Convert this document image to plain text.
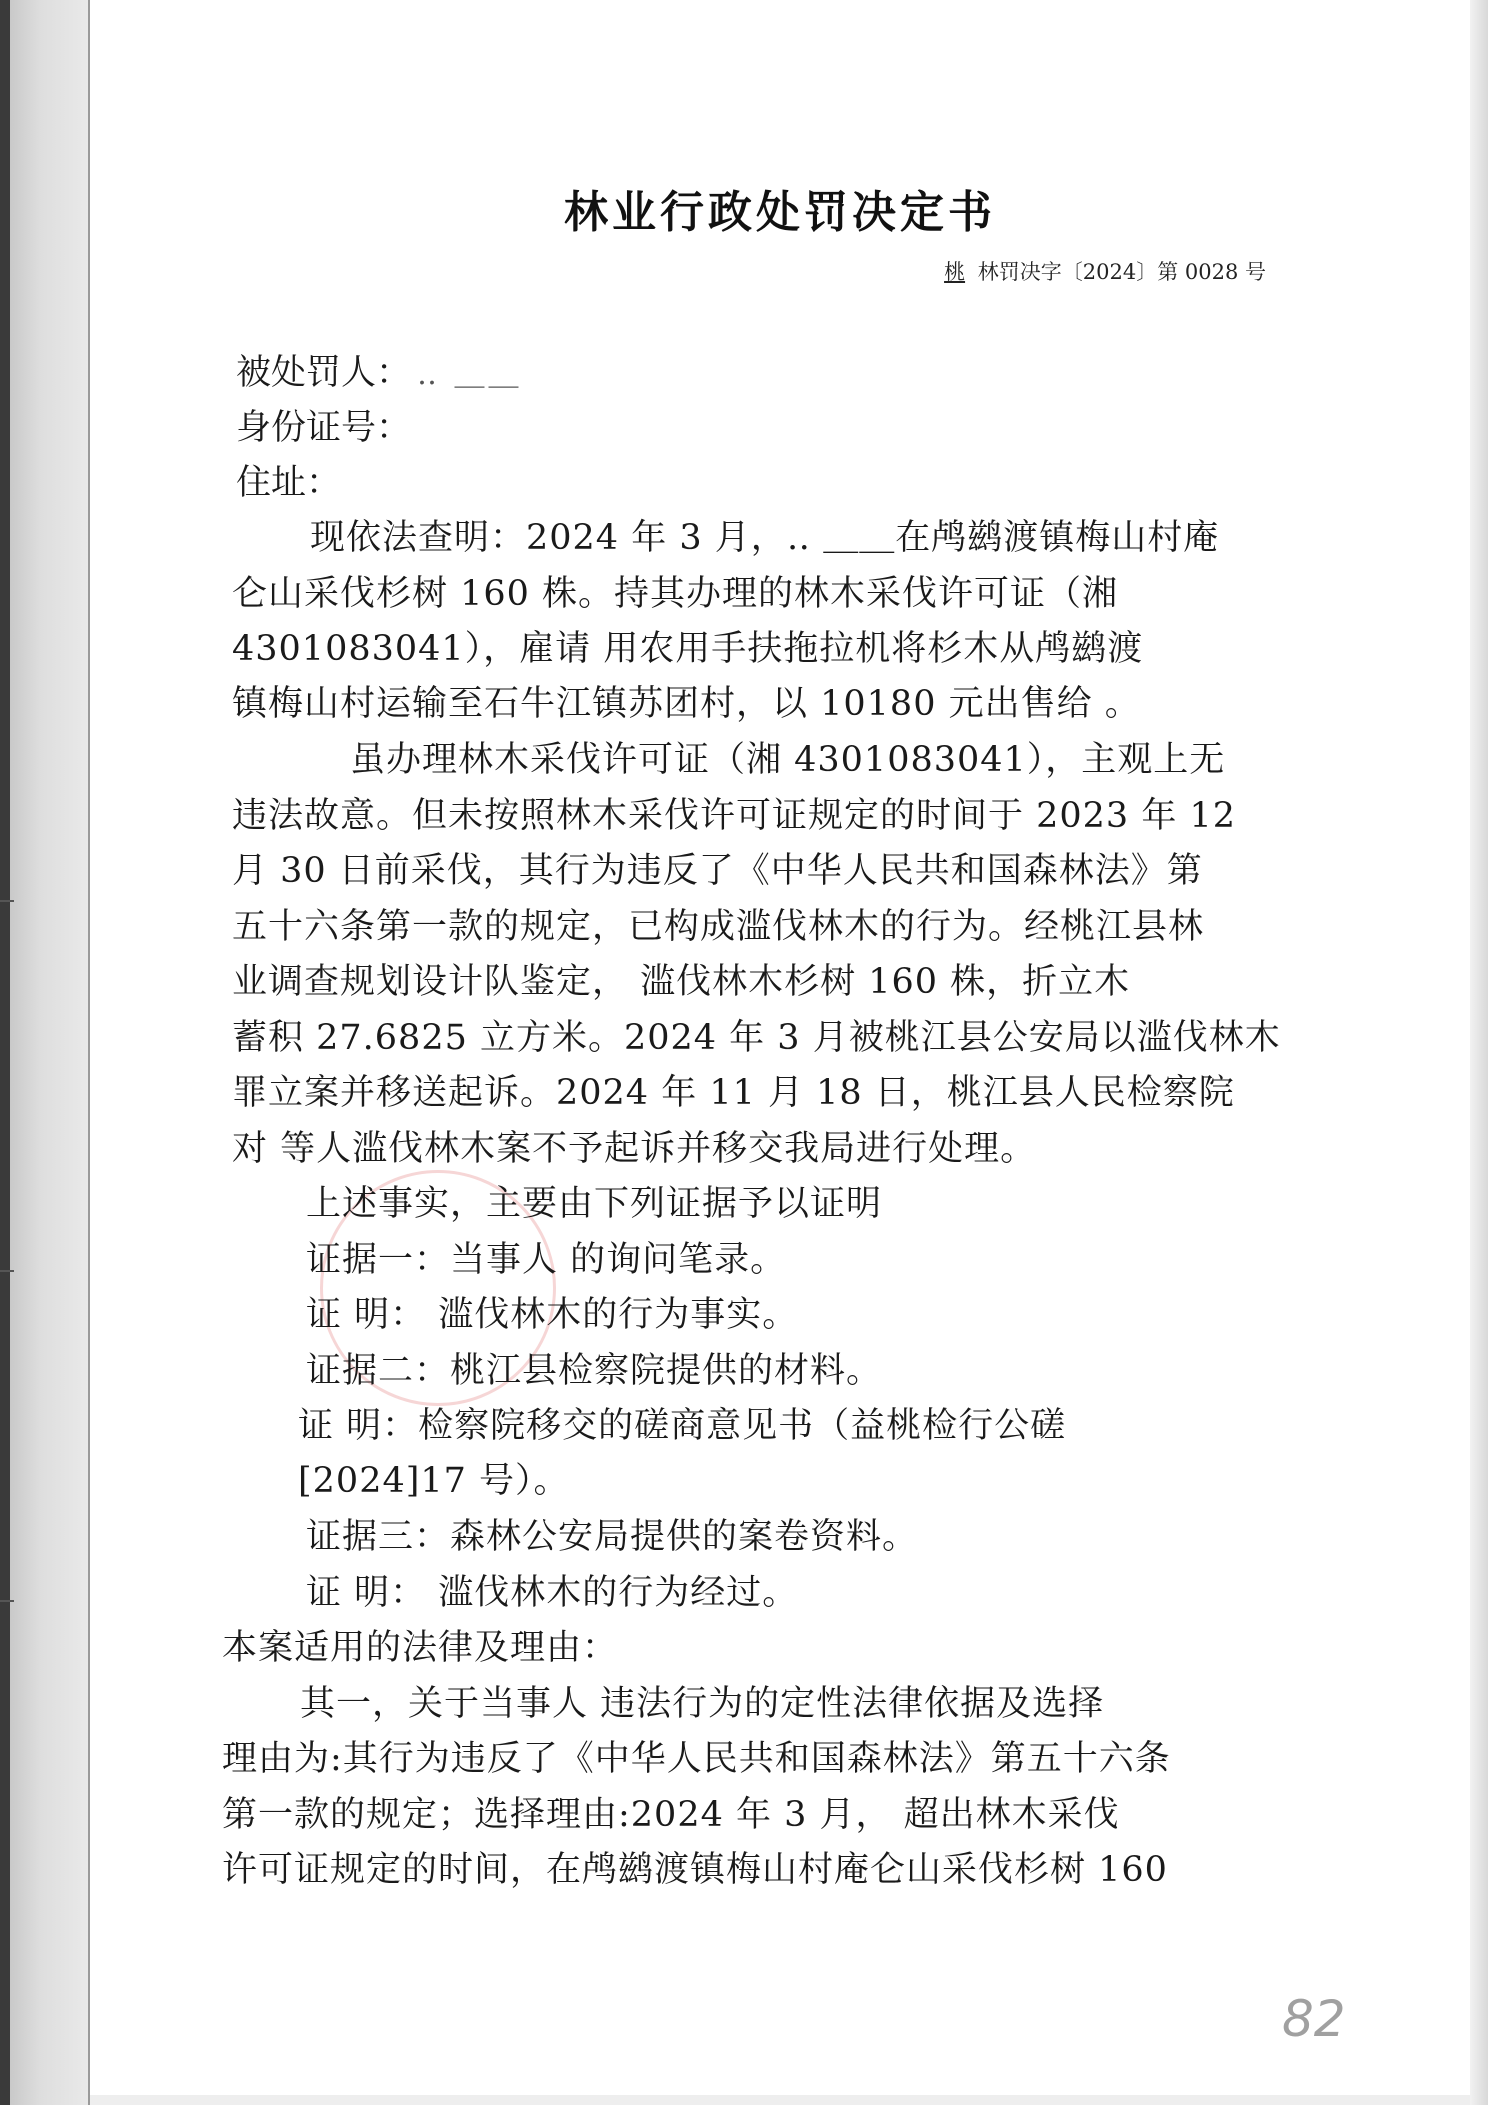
林业行政处罚决定书
桃 林罚决字〔2024〕第 0028 号
被处罚人： ‥ ＿＿
身份证号：
住址：
现依法查明：2024 年 3 月，‥ ＿＿在鸬鹚渡镇梅山村庵
仑山采伐杉树 160 株。持其办理的林木采伐许可证（湘
4301083041），雇请 用农用手扶拖拉机将杉木从鸬鹚渡
镇梅山村运输至石牛江镇苏团村，以 10180 元出售给 。
虽办理林木采伐许可证（湘 4301083041），主观上无
违法故意。但未按照林木采伐许可证规定的时间于 2023 年 12
月 30 日前采伐，其行为违反了《中华人民共和国森林法》第
五十六条第一款的规定，已构成滥伐林木的行为。经桃江县林
业调查规划设计队鉴定， 滥伐林木杉树 160 株，折立木
蓄积 27.6825 立方米。2024 年 3 月被桃江县公安局以滥伐林木
罪立案并移送起诉。2024 年 11 月 18 日，桃江县人民检察院
对 等人滥伐林木案不予起诉并移交我局进行处理。
上述事实，主要由下列证据予以证明
证据一：当事人 的询问笔录。
证 明： 滥伐林木的行为事实。
证据二：桃江县检察院提供的材料。
证 明：检察院移交的磋商意见书（益桃检行公磋
[2024]17 号）。
证据三：森林公安局提供的案卷资料。
证 明： 滥伐林木的行为经过。
本案适用的法律及理由：
其一，关于当事人 违法行为的定性法律依据及选择
理由为:其行为违反了《中华人民共和国森林法》第五十六条
第一款的规定；选择理由:2024 年 3 月， 超出林木采伐
许可证规定的时间，在鸬鹚渡镇梅山村庵仑山采伐杉树 160
82
